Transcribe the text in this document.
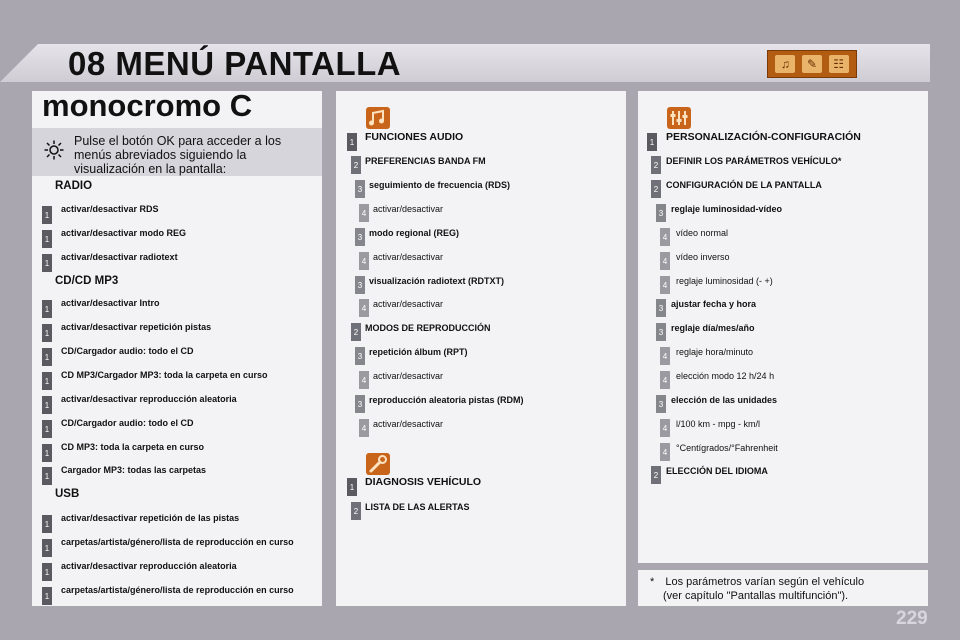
08 MENÚ PANTALLA	♫	✎	☷
monocromo C
Pulse el botón OK para acceder a los menús abreviados siguiendo la visualización en la pantalla:
RADIO
1
activar/desactivar RDS
1
activar/desactivar modo REG
1
activar/desactivar radiotext
CD/CD MP3
1
activar/desactivar Intro
1
activar/desactivar repetición pistas
1
CD/Cargador audio: todo el CD
1
CD MP3/Cargador MP3: toda la carpeta en curso
1
activar/desactivar reproducción aleatoria
1
CD/Cargador audio: todo el CD
1
CD MP3: toda la carpeta en curso
1
Cargador MP3: todas las carpetas
USB
1
activar/desactivar repetición de las pistas
1
carpetas/artista/género/lista de reproducción en curso
1
activar/desactivar reproducción aleatoria
1
carpetas/artista/género/lista de reproducción en curso
1 FUNCIONES AUDIO
2 PREFERENCIAS BANDA FM
3 seguimiento de frecuencia (RDS)
4 activar/desactivar
3 modo regional (REG)
4 activar/desactivar
3 visualización radiotext (RDTXT)
4 activar/desactivar
2 MODOS DE REPRODUCCIÓN
3 repetición álbum (RPT)
4 activar/desactivar
3 reproducción aleatoria pistas (RDM)
4 activar/desactivar
1 DIAGNOSIS VEHÍCULO
2 LISTA DE LAS ALERTAS
1 PERSONALIZACIÓN-CONFIGURACIÓN
2 DEFINIR LOS PARÁMETROS VEHÍCULO*
2 CONFIGURACIÓN DE LA PANTALLA
3 reglaje luminosidad-vídeo
4 vídeo normal
4 vídeo inverso
4 reglaje luminosidad (- +)
3 ajustar fecha y hora
3 reglaje día/mes/año
4 reglaje hora/minuto
4 elección modo 12 h/24 h
3 elección de las unidades
4 l/100 km - mpg - km/l
4 °Centígrados/°Fahrenheit
2 ELECCIÓN DEL IDIOMA
* Los parámetros varían según el vehículo
(ver capítulo "Pantallas multifunción").
229
